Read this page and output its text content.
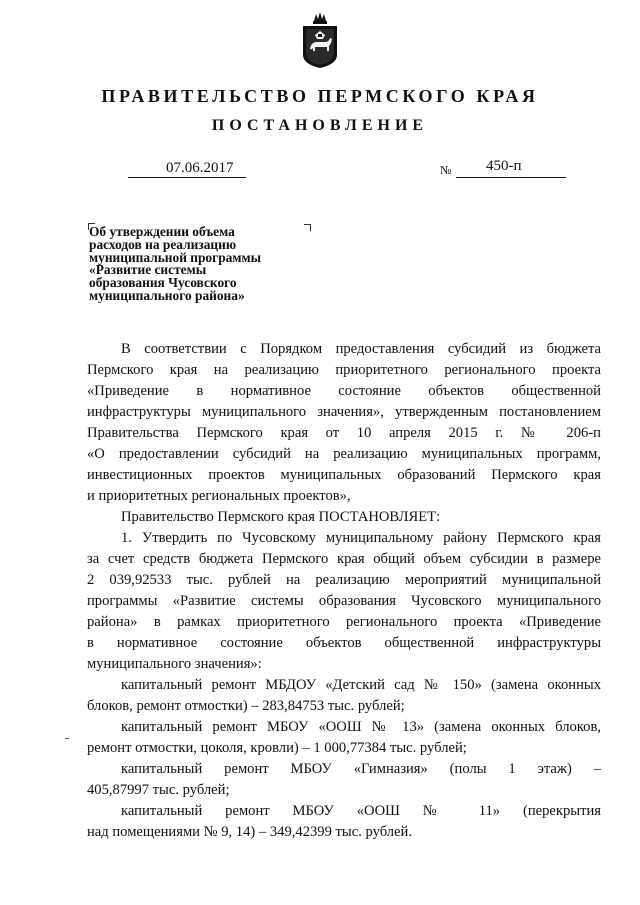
ПРАВИТЕЛЬСТВО ПЕРМСКОГО КРАЯ
ПОСТАНОВЛЕНИЕ
07.06.2017	№ 450-п
Об утверждении объема
расходов на реализацию
муниципальной программы
«Развитие системы
образования Чусовского
муниципального района»

В соответствии с Порядком предоставления субсидий из бюджета

Пермского края на реализацию приоритетного регионального проекта

«Приведение в нормативное состояние объектов общественной

инфраструктуры муниципального значения», утвержденным постановлением

Правительства Пермского края от 10 апреля 2015 г. № 206-п

«О предоставлении субсидий на реализацию муниципальных программ,

инвестиционных проектов муниципальных образований Пермского края

и приоритетных региональных проектов»,

Правительство Пермского края ПОСТАНОВЛЯЕТ:

1. Утвердить по Чусовскому муниципальному району Пермского края

за счет средств бюджета Пермского края общий объем субсидии в размере

2 039,92533 тыс. рублей на реализацию мероприятий муниципальной

программы «Развитие системы образования Чусовского муниципального

района» в рамках приоритетного регионального проекта «Приведение

в нормативное состояние объектов общественной инфраструктуры

муниципального значения»:

капитальный ремонт МБДОУ «Детский сад № 150» (замена оконных

блоков, ремонт отмостки) – 283,84753 тыс. рублей;

капитальный ремонт МБОУ «ООШ № 13» (замена оконных блоков,

ремонт отмостки, цоколя, кровли) – 1 000,77384 тыс. рублей;

капитальный ремонт МБОУ «Гимназия» (полы 1 этаж) –

405,87997 тыс. рублей;

капитальный ремонт МБОУ «ООШ № 11» (перекрытия

над помещениями № 9, 14) – 349,42399 тыс. рублей.
